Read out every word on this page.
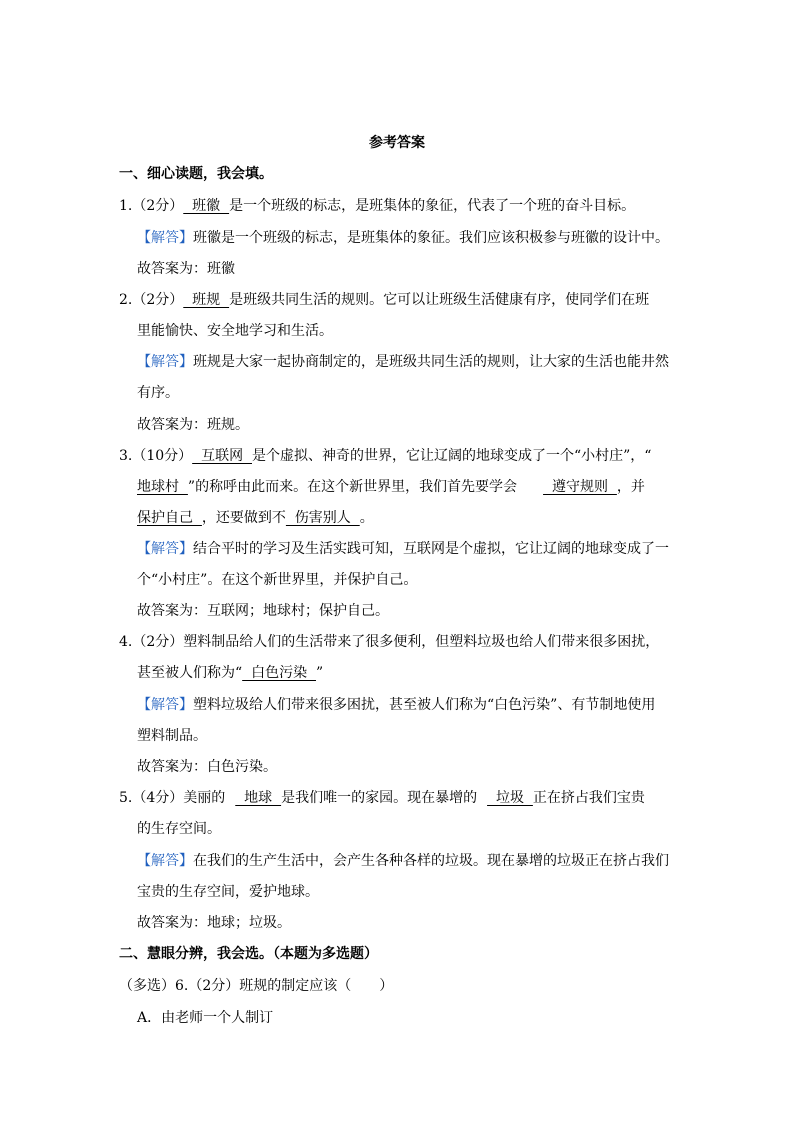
参考答案
一、细心读题，我会填。
1.（2分）  班徽  是一个班级的标志，是班集体的象征，代表了一个班的奋斗目标。
【解答】班徽是一个班级的标志，是班集体的象征。我们应该积极参与班徽的设计中。
故答案为：班徽
2.（2分）  班规  是班级共同生活的规则。它可以让班级生活健康有序，使同学们在班
里能愉快、安全地学习和生活。
【解答】班规是大家一起协商制定的，是班级共同生活的规则，让大家的生活也能井然
有序。
故答案为：班规。
3.（10分）  互联网  是个虚拟、神奇的世界，它让辽阔的地球变成了一个“小村庄”，“
地球村  ”的称呼由此而来。在这个新世界里，我们首先要学会  遵守规则  ，并
保护自己  ，还要做到不  伤害别人  。
【解答】结合平时的学习及生活实践可知，互联网是个虚拟，它让辽阔的地球变成了一
个“小村庄”。在这个新世界里，并保护自己。
故答案为：互联网；地球村；保护自己。
4.（2分）塑料制品给人们的生活带来了很多便利，但塑料垃圾也给人们带来很多困扰，
甚至被人们称为“  白色污染  ”
【解答】塑料垃圾给人们带来很多困扰，甚至被人们称为“白色污染”、有节制地使用
塑料制品。
故答案为：白色污染。
5.（4分）美丽的  地球  是我们唯一的家园。现在暴增的  垃圾  正在挤占我们宝贵
的生存空间。
【解答】在我们的生产生活中，会产生各种各样的垃圾。现在暴增的垃圾正在挤占我们
宝贵的生存空间，爱护地球。
故答案为：地球；垃圾。
二、慧眼分辨，我会选。（本题为多选题）
（多选）6.（2分）班规的制定应该（　　）
A．由老师一个人制订
